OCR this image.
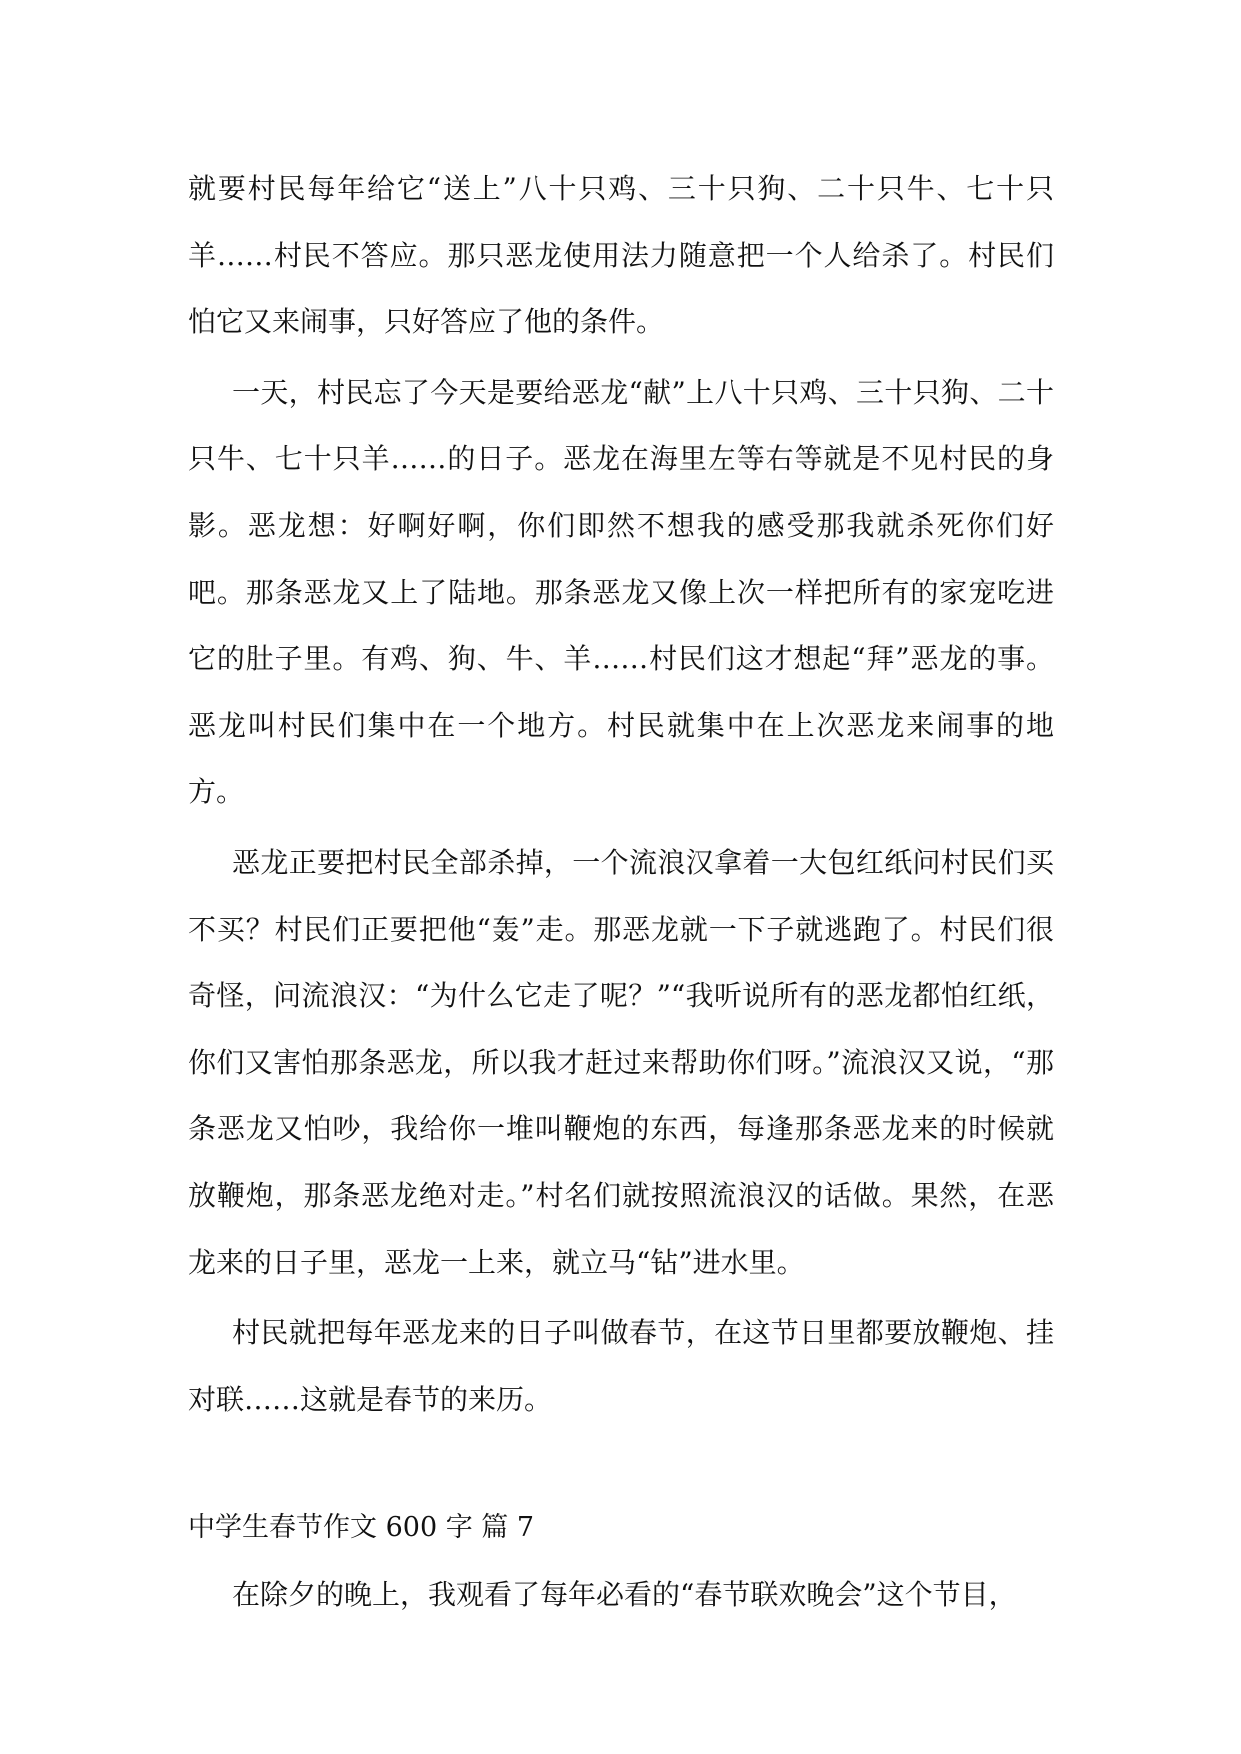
就要村民每年给它“送上”八十只鸡、三十只狗、二十只牛、七十只羊……村民不答应。那只恶龙使用法力随意把一个人给杀了。村民们怕它又来闹事，只好答应了他的条件。

一天，村民忘了今天是要给恶龙“献”上八十只鸡、三十只狗、二十只牛、七十只羊……的日子。恶龙在海里左等右等就是不见村民的身影。恶龙想：好啊好啊，你们即然不想我的感受那我就杀死你们好吧。那条恶龙又上了陆地。那条恶龙又像上次一样把所有的家宠吃进它的肚子里。有鸡、狗、牛、羊……村民们这才想起“拜”恶龙的事。恶龙叫村民们集中在一个地方。村民就集中在上次恶龙来闹事的地方。

恶龙正要把村民全部杀掉，一个流浪汉拿着一大包红纸问村民们买不买？村民们正要把他“轰”走。那恶龙就一下子就逃跑了。村民们很奇怪，问流浪汉：“为什么它走了呢？”“我听说所有的恶龙都怕红纸，你们又害怕那条恶龙，所以我才赶过来帮助你们呀。”流浪汉又说，“那条恶龙又怕吵，我给你一堆叫鞭炮的东西，每逢那条恶龙来的时候就放鞭炮，那条恶龙绝对走。”村名们就按照流浪汉的话做。果然，在恶龙来的日子里，恶龙一上来，就立马“钻”进水里。

村民就把每年恶龙来的日子叫做春节，在这节日里都要放鞭炮、挂对联……这就是春节的来历。

中学生春节作文 600 字 篇 7

在除夕的晚上，我观看了每年必看的“春节联欢晚会”这个节目，
